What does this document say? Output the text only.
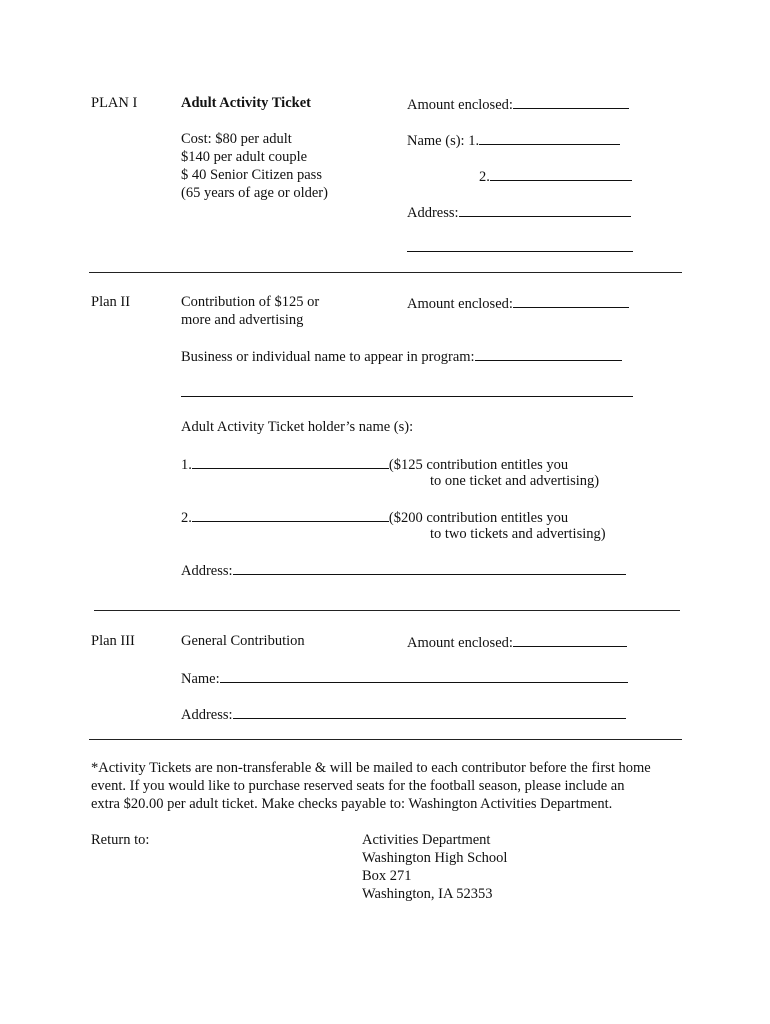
PLAN I	Adult Activity Ticket
Cost: $80 per adult
$140 per adult couple
$ 40 Senior Citizen pass
(65 years of age or older)
Amount enclosed:
Name (s): 1.
2.
Address:
Plan II	Contribution of $125 or
more and advertising
Amount enclosed:
Business or individual name to appear in program:
Adult Activity Ticket holder’s name (s):
1.	($125 contribution entitles you
to one ticket and advertising)
2.	($200 contribution entitles you
to two tickets and advertising)
Address:
Plan III	General Contribution	Amount enclosed:
Name:
Address:
*Activity Tickets are non-transferable & will be mailed to each contributor before the first home
event. If you would like to purchase reserved seats for the football season, please include an
extra $20.00 per adult ticket. Make checks payable to: Washington Activities Department.
Return to:	Activities Department
Washington High School
Box 271
Washington, IA 52353
